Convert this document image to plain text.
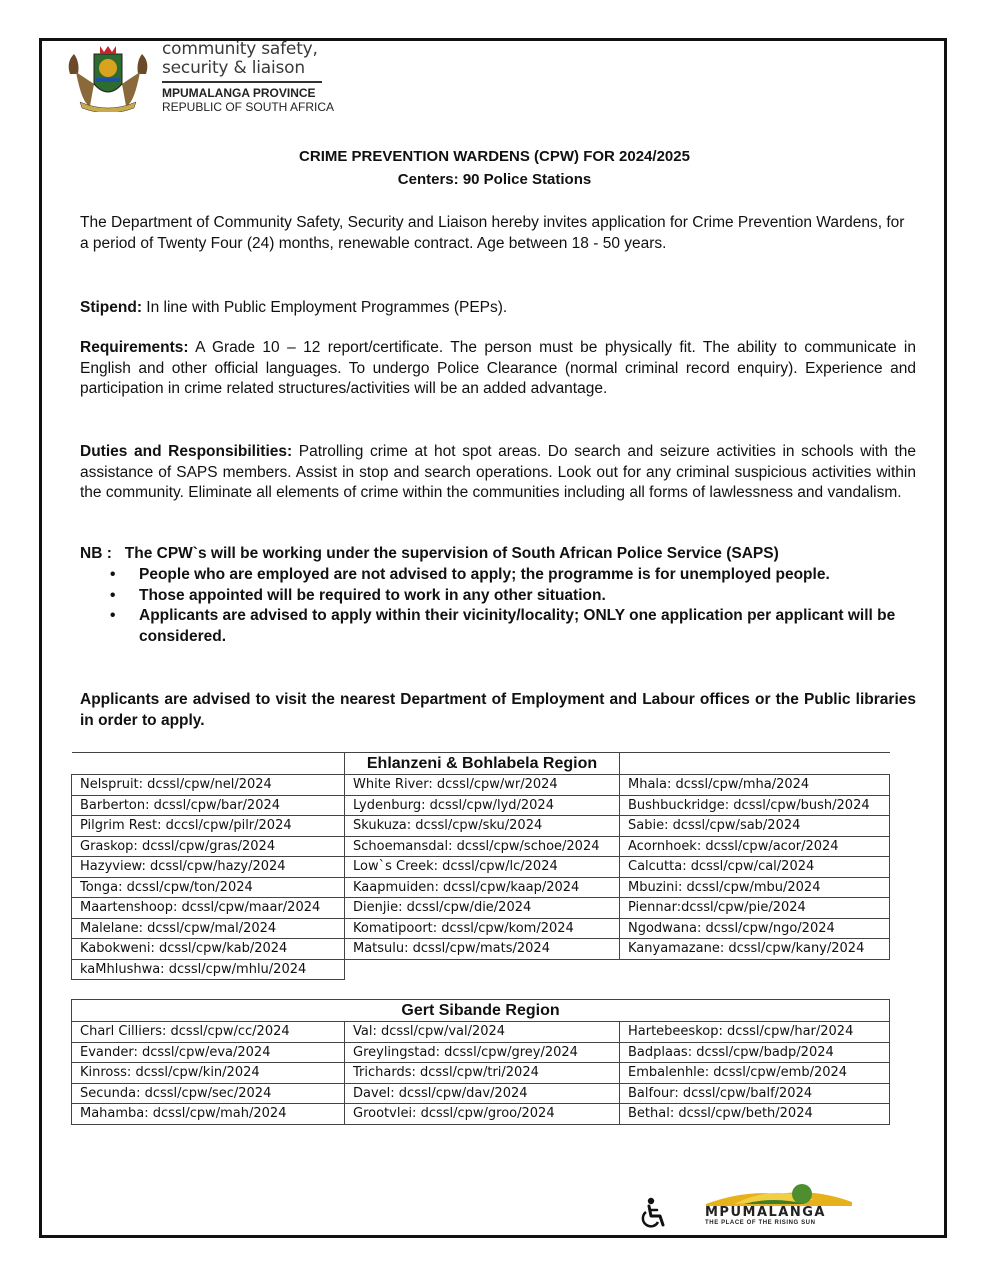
community safety,
security & liaison
MPUMALANGA PROVINCE
REPUBLIC OF SOUTH AFRICA
CRIME PREVENTION WARDENS (CPW) FOR 2024/2025
Centers: 90 Police Stations
The Department of Community Safety, Security and Liaison hereby invites application for Crime Prevention Wardens, for a period of Twenty Four (24) months, renewable contract. Age between 18 - 50 years.
Stipend: In line with Public Employment Programmes (PEPs).
Requirements: A Grade 10 – 12 report/certificate. The person must be physically fit. The ability to communicate in English and other official languages. To undergo Police Clearance (normal criminal record enquiry). Experience and participation in crime related structures/activities will be an added advantage.
Duties and Responsibilities: Patrolling crime at hot spot areas. Do search and seizure activities in schools with the assistance of SAPS members. Assist in stop and search operations. Look out for any criminal suspicious activities within the community. Eliminate all elements of crime within the communities including all forms of lawlessness and vandalism.
NB :   The CPW`s will be working under the supervision of South African Police Service (SAPS)
• People who are employed are not advised to apply; the programme is for unemployed people.
• Those appointed will be required to work in any other situation.
• Applicants are advised to apply within their vicinity/locality; ONLY one application per applicant will be considered.
Applicants are advised to visit the nearest Department of Employment and Labour offices or the Public libraries in order to apply.
	Ehlanzeni & Bohlabela Region	
Nelspruit: dcssl/cpw/nel/2024	White River: dcssl/cpw/wr/2024	Mhala: dcssl/cpw/mha/2024
Barberton: dcssl/cpw/bar/2024	Lydenburg: dcssl/cpw/lyd/2024	Bushbuckridge: dcssl/cpw/bush/2024
Pilgrim Rest: dccsl/cpw/pilr/2024	Skukuza: dcssl/cpw/sku/2024	Sabie: dcssl/cpw/sab/2024
Graskop: dcssl/cpw/gras/2024	Schoemansdal: dcssl/cpw/schoe/2024	Acornhoek: dcssl/cpw/acor/2024
Hazyview: dcssl/cpw/hazy/2024	Low`s Creek: dcssl/cpw/lc/2024	Calcutta: dcssl/cpw/cal/2024
Tonga: dcssl/cpw/ton/2024	Kaapmuiden: dcssl/cpw/kaap/2024	Mbuzini: dcssl/cpw/mbu/2024
Maartenshoop: dcssl/cpw/maar/2024	Dienjie: dcssl/cpw/die/2024	Piennar:dcssl/cpw/pie/2024
Malelane: dcssl/cpw/mal/2024	Komatipoort: dcssl/cpw/kom/2024	Ngodwana: dcssl/cpw/ngo/2024
Kabokweni: dcssl/cpw/kab/2024	Matsulu: dcssl/cpw/mats/2024	Kanyamazane: dcssl/cpw/kany/2024
kaMhlushwa: dcssl/cpw/mhlu/2024		
Gert Sibande Region		
Charl Cilliers: dcssl/cpw/cc/2024	Val: dcssl/cpw/val/2024	Hartebeeskop: dcssl/cpw/har/2024
Evander: dcssl/cpw/eva/2024	Greylingstad: dcssl/cpw/grey/2024	Badplaas: dcssl/cpw/badp/2024
Kinross: dcssl/cpw/kin/2024	Trichards: dcssl/cpw/tri/2024	Embalenhle: dcssl/cpw/emb/2024
Secunda: dcssl/cpw/sec/2024	Davel: dcssl/cpw/dav/2024	Balfour: dcssl/cpw/balf/2024
Mahamba: dcssl/cpw/mah/2024	Grootvlei: dcssl/cpw/groo/2024	Bethal: dcssl/cpw/beth/2024
MPUMALANGA
THE PLACE OF THE RISING SUN
